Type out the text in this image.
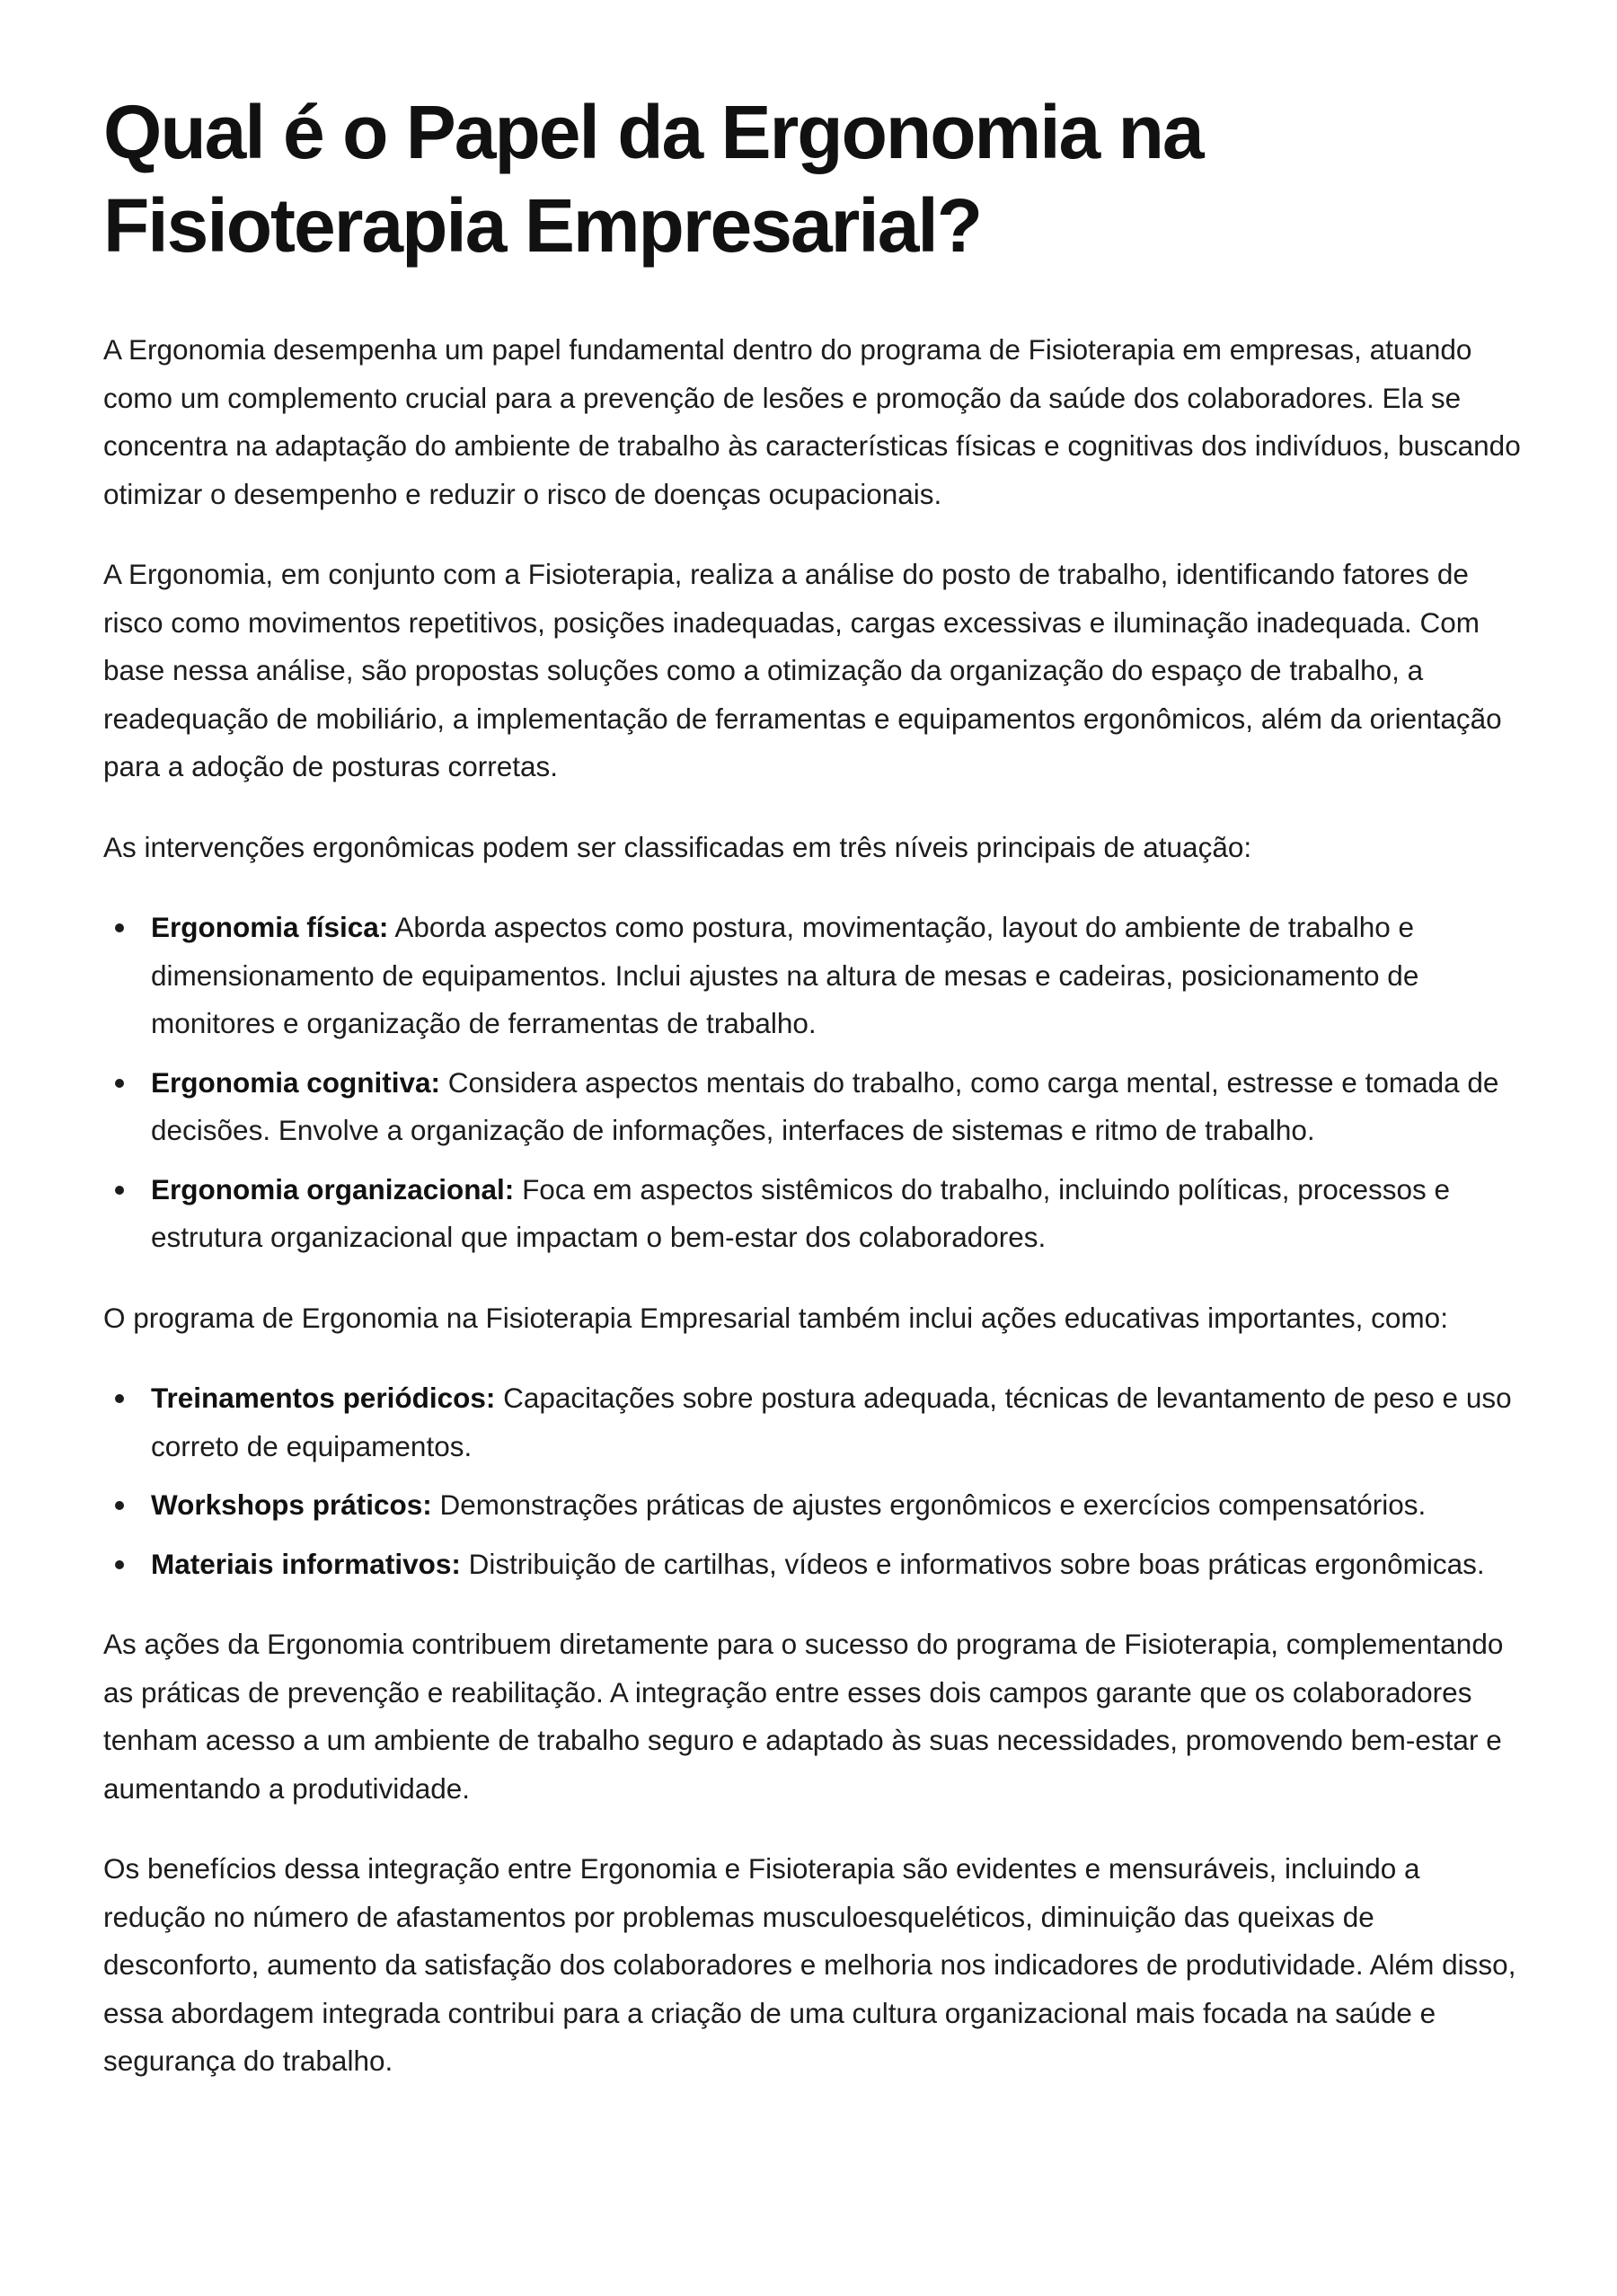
Qual é o Papel da Ergonomia na Fisioterapia Empresarial?

A Ergonomia desempenha um papel fundamental dentro do programa de Fisioterapia em empresas, atuando como um complemento crucial para a prevenção de lesões e promoção da saúde dos colaboradores. Ela se concentra na adaptação do ambiente de trabalho às características físicas e cognitivas dos indivíduos, buscando otimizar o desempenho e reduzir o risco de doenças ocupacionais.

A Ergonomia, em conjunto com a Fisioterapia, realiza a análise do posto de trabalho, identificando fatores de risco como movimentos repetitivos, posições inadequadas, cargas excessivas e iluminação inadequada. Com base nessa análise, são propostas soluções como a otimização da organização do espaço de trabalho, a readequação de mobiliário, a implementação de ferramentas e equipamentos ergonômicos, além da orientação para a adoção de posturas corretas.

As intervenções ergonômicas podem ser classificadas em três níveis principais de atuação:

Ergonomia física: Aborda aspectos como postura, movimentação, layout do ambiente de trabalho e dimensionamento de equipamentos. Inclui ajustes na altura de mesas e cadeiras, posicionamento de monitores e organização de ferramentas de trabalho.
Ergonomia cognitiva: Considera aspectos mentais do trabalho, como carga mental, estresse e tomada de decisões. Envolve a organização de informações, interfaces de sistemas e ritmo de trabalho.
Ergonomia organizacional: Foca em aspectos sistêmicos do trabalho, incluindo políticas, processos e estrutura organizacional que impactam o bem-estar dos colaboradores.

O programa de Ergonomia na Fisioterapia Empresarial também inclui ações educativas importantes, como:

Treinamentos periódicos: Capacitações sobre postura adequada, técnicas de levantamento de peso e uso correto de equipamentos.
Workshops práticos: Demonstrações práticas de ajustes ergonômicos e exercícios compensatórios.
Materiais informativos: Distribuição de cartilhas, vídeos e informativos sobre boas práticas ergonômicas.

As ações da Ergonomia contribuem diretamente para o sucesso do programa de Fisioterapia, complementando as práticas de prevenção e reabilitação. A integração entre esses dois campos garante que os colaboradores tenham acesso a um ambiente de trabalho seguro e adaptado às suas necessidades, promovendo bem-estar e aumentando a produtividade.

Os benefícios dessa integração entre Ergonomia e Fisioterapia são evidentes e mensuráveis, incluindo a redução no número de afastamentos por problemas musculoesqueléticos, diminuição das queixas de desconforto, aumento da satisfação dos colaboradores e melhoria nos indicadores de produtividade. Além disso, essa abordagem integrada contribui para a criação de uma cultura organizacional mais focada na saúde e segurança do trabalho.
